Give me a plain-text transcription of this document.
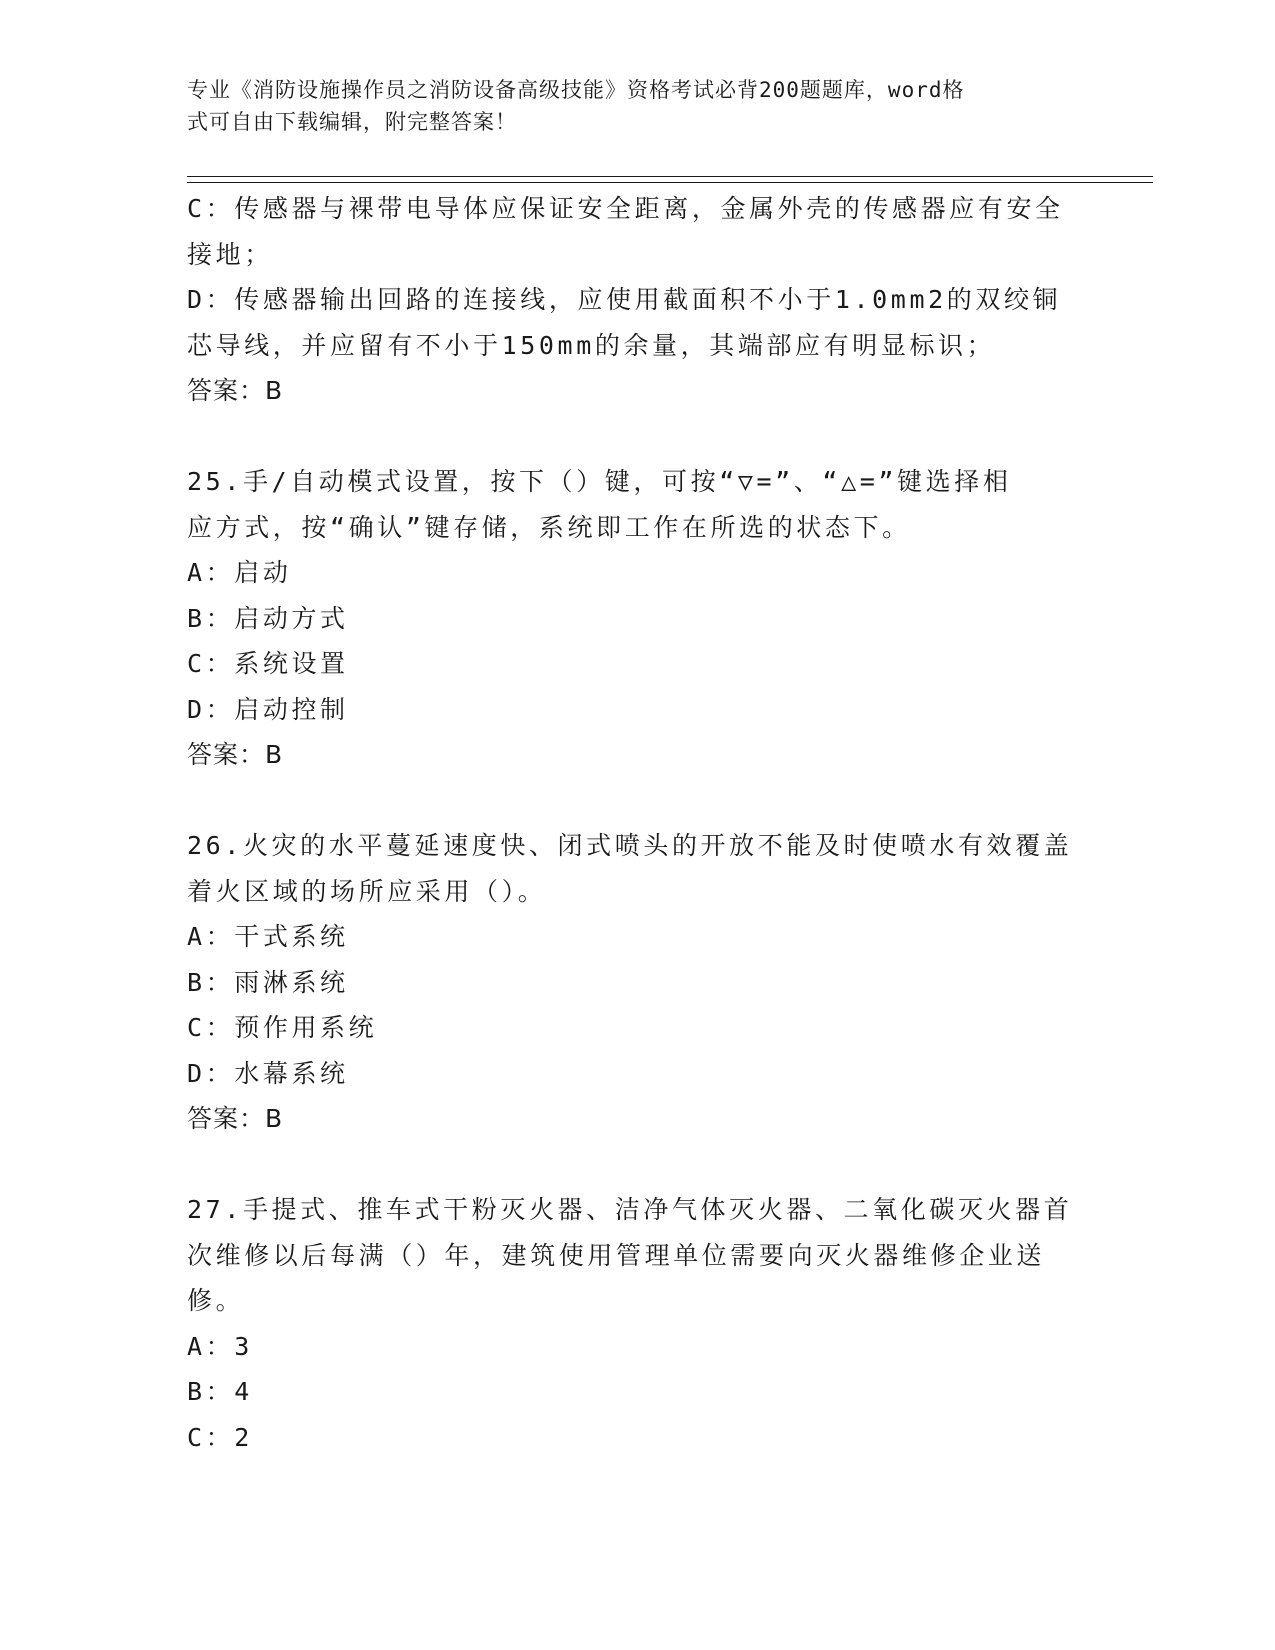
专业《消防设施操作员之消防设备高级技能》资格考试必背200题题库，word格
式可自由下载编辑，附完整答案！
C：传感器与裸带电导体应保证安全距离，金属外壳的传感器应有安全
接地；
D：传感器输出回路的连接线，应使用截面积不小于1.0mm2的双绞铜
芯导线，并应留有不小于150mm的余量，其端部应有明显标识；
答案：B
25.手/自动模式设置，按下（）键，可按“▽=”、“△=”键选择相
应方式，按“确认”键存储，系统即工作在所选的状态下。
A：启动
B：启动方式
C：系统设置
D：启动控制
答案：B
26.火灾的水平蔓延速度快、闭式喷头的开放不能及时使喷水有效覆盖
着火区域的场所应采用（）。
A：干式系统
B：雨淋系统
C：预作用系统
D：水幕系统
答案：B
27.手提式、推车式干粉灭火器、洁净气体灭火器、二氧化碳灭火器首
次维修以后每满（）年，建筑使用管理单位需要向灭火器维修企业送
修。
A：3
B：4
C：2
